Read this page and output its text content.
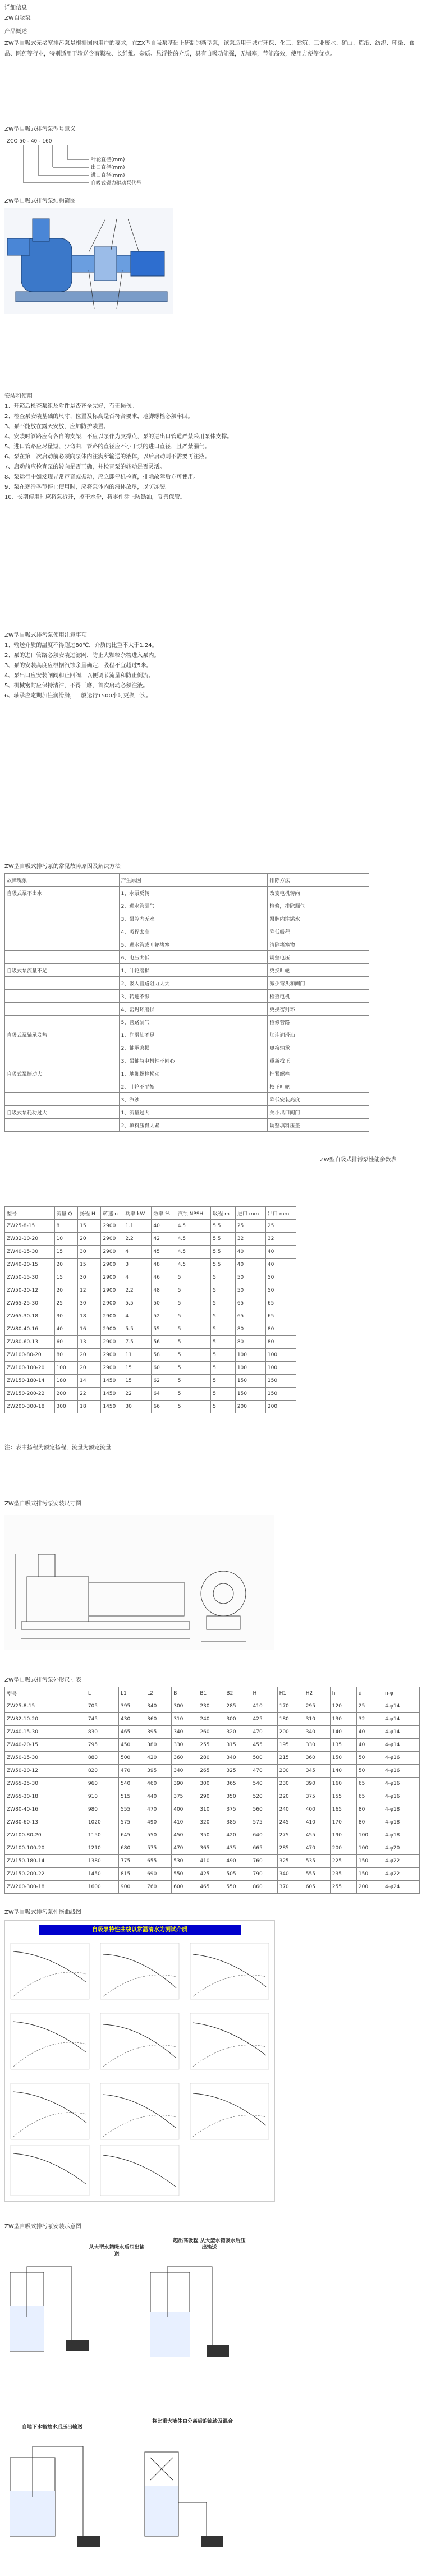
详细信息
ZW自吸泵
产品概述
ZW型自吸式无堵塞排污泵是根据国内用户的要求，在ZX型自吸泵基础上研制的新型泵，该泵适用于城市环保、化工、建筑、工业废水、矿山、造纸、纺织、印染、食品、医药等行业，特别适用于输送含有颗粒、长纤维、杂质、悬浮物的介质，具有自吸功能强，无堵塞，节能高效，使用方便等优点。
ZW型自吸式排污泵型号意义
ZCQ 50 - 40 - 160
叶轮直径(mm)
出口直径(mm)
进口直径(mm)
自吸式磁力驱动泵代号
ZW型自吸式排污泵结构简图
安装和使用
1、开箱后检查泵组及附件是否齐全完好，有无损伤。
2、检查泵安装基础的尺寸、位置及标高是否符合要求，地脚螺栓必须牢固。
3、泵不能放在露天安放，应加防护装置。
4、安装时管路应有各自的支架，不应以泵作为支撑点，泵的进出口管道严禁采用泵体支撑。
5、进口管路应尽量短、少弯曲，管路的直径应不小于泵的进口直径，且严禁漏气。
6、泵在第一次启动前必须向泵体内注满所输送的液体，以后启动则不需要再注液。
7、启动前应检查泵的转向是否正确，并检查泵的转动是否灵活。
8、泵运行中如发现异常声音或振动，应立即停机检查，排除故障后方可使用。
9、泵在寒冷季节停止使用时，应将泵体内的液体放尽，以防冻裂。
10、长期停用时应将泵拆开，擦干水份，将零件涂上防锈油，妥善保管。
ZW型自吸式排污泵使用注意事项
1、输送介质的温度不得超过80℃，介质的比重不大于1.24。
2、泵的进口管路必须安装过滤网，防止大颗粒杂物进入泵内。
3、泵的安装高度应根据汽蚀余量确定，吸程不宜超过5米。
4、泵出口应安装闸阀和止回阀，以便调节流量和防止倒流。
5、机械密封应保持清洁，不得干磨，首次启动必须注液。
6、轴承应定期加注润滑脂，一般运行1500小时更换一次。
ZW型自吸式排污泵的常见故障原因及解决方法
故障现象	产生原因	排除方法
自吸式泵不出水	1、水泵反转	改变电机转向
	2、进水管漏气	检修，排除漏气
	3、泵腔内无水	泵腔内注满水
	4、吸程太高	降低吸程
	5、进水管或叶轮堵塞	清除堵塞物
	6、电压太低	调整电压
自吸式泵流量不足	1、叶轮磨损	更换叶轮
	2、吸入管路阻力太大	减少弯头和阀门
	3、转速不够	检查电机
	4、密封环磨损	更换密封环
	5、管路漏气	检修管路
自吸式泵轴承发热	1、润滑油不足	加注润滑油
	2、轴承磨损	更换轴承
	3、泵轴与电机轴不同心	重新找正
自吸式泵振动大	1、地脚螺栓松动	拧紧螺栓
	2、叶轮不平衡	校正叶轮
	3、汽蚀	降低安装高度
自吸式泵耗功过大	1、流量过大	关小出口阀门
	2、填料压得太紧	调整填料压盖
ZW型自吸式排污泵性能参数表
型号	流量 Q	扬程 H	转速 n	功率 kW	效率 %	汽蚀 NPSH	吸程 m	进口 mm	出口 mm
ZW25-8-15	8	15	2900	1.1	40	4.5	5.5	25	25
ZW32-10-20	10	20	2900	2.2	42	4.5	5.5	32	32
ZW40-15-30	15	30	2900	4	45	4.5	5.5	40	40
ZW40-20-15	20	15	2900	3	48	4.5	5.5	40	40
ZW50-15-30	15	30	2900	4	46	5	5	50	50
ZW50-20-12	20	12	2900	2.2	48	5	5	50	50
ZW65-25-30	25	30	2900	5.5	50	5	5	65	65
ZW65-30-18	30	18	2900	4	52	5	5	65	65
ZW80-40-16	40	16	2900	5.5	55	5	5	80	80
ZW80-60-13	60	13	2900	7.5	56	5	5	80	80
ZW100-80-20	80	20	2900	11	58	5	5	100	100
ZW100-100-20	100	20	2900	15	60	5	5	100	100
ZW150-180-14	180	14	1450	15	62	5	5	150	150
ZW150-200-22	200	22	1450	22	64	5	5	150	150
ZW200-300-18	300	18	1450	30	66	5	5	200	200
注：表中扬程为额定扬程，流量为额定流量
ZW型自吸式排污泵安装尺寸图
ZW型自吸式排污泵外形尺寸表
型号	L	L1	L2	B	B1	B2	H	H1	H2	h	d	n-φ
ZW25-8-15	705	395	340	300	230	285	410	170	295	120	25	4-φ14
ZW32-10-20	745	430	360	310	240	300	425	180	310	130	32	4-φ14
ZW40-15-30	830	465	395	340	260	320	470	200	340	140	40	4-φ14
ZW40-20-15	795	450	380	330	255	315	455	195	330	135	40	4-φ14
ZW50-15-30	880	500	420	360	280	340	500	215	360	150	50	4-φ16
ZW50-20-12	820	470	395	340	265	325	470	200	345	140	50	4-φ16
ZW65-25-30	960	540	460	390	300	365	540	230	390	160	65	4-φ16
ZW65-30-18	910	515	440	375	290	350	520	220	375	155	65	4-φ16
ZW80-40-16	980	555	470	400	310	375	560	240	400	165	80	4-φ18
ZW80-60-13	1020	575	490	410	320	385	575	245	410	170	80	4-φ18
ZW100-80-20	1150	645	550	450	350	420	640	275	455	190	100	4-φ18
ZW100-100-20	1210	680	575	470	365	435	665	285	470	200	100	4-φ20
ZW150-180-14	1380	775	655	530	410	490	760	325	535	225	150	4-φ22
ZW150-200-22	1450	815	690	550	425	505	790	340	555	235	150	4-φ22
ZW200-300-18	1600	900	760	600	465	550	860	370	605	255	200	4-φ24
ZW型自吸式排污泵性能曲线图
自吸泵特性曲线以常温清水为测试介质
ZW型自吸式排污泵安装示意图
从大型水箱吸水后压出输送
超出高吸程 从大型水箱吸水后压出输送
自地下水箱抽水后压出输送
将比重大液体由分离后的流渣及混合
